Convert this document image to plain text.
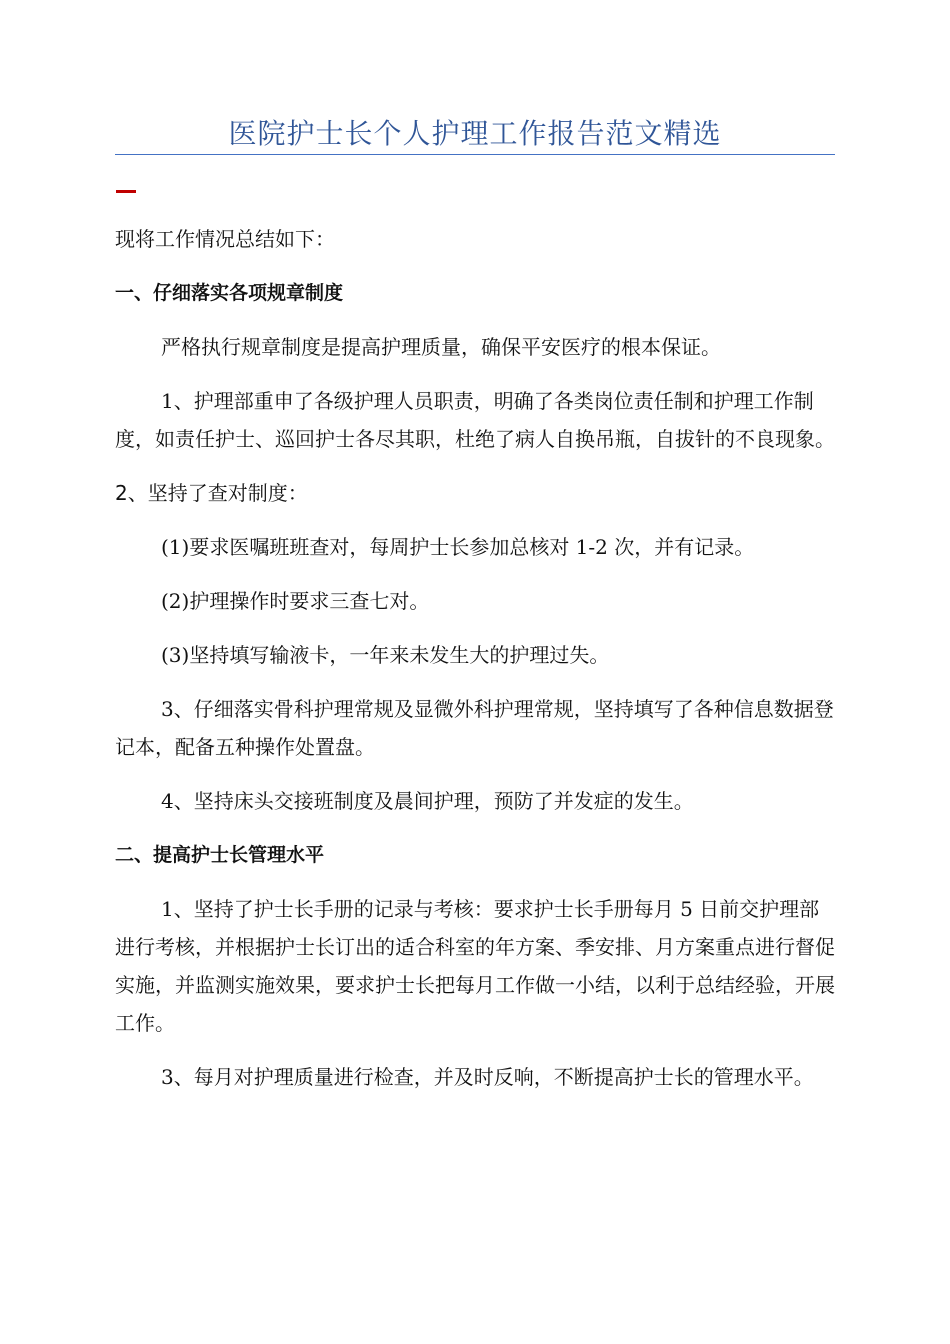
医院护士长个人护理工作报告范文精选

现将工作情况总结如下：

一、仔细落实各项规章制度

严格执行规章制度是提高护理质量，确保平安医疗的根本保证。

1、护理部重申了各级护理人员职责，明确了各类岗位责任制和护理工作制度，如责任护士、巡回护士各尽其职，杜绝了病人自换吊瓶，自拔针的不良现象。

2、坚持了查对制度：

(1)要求医嘱班班查对，每周护士长参加总核对 1-2 次，并有记录。

(2)护理操作时要求三查七对。

(3)坚持填写输液卡，一年来未发生大的护理过失。

3、仔细落实骨科护理常规及显微外科护理常规，坚持填写了各种信息数据登记本，配备五种操作处置盘。

4、坚持床头交接班制度及晨间护理，预防了并发症的发生。

二、提高护士长管理水平

1、坚持了护士长手册的记录与考核：要求护士长手册每月 5 日前交护理部进行考核，并根据护士长订出的适合科室的年方案、季安排、月方案重点进行督促实施，并监测实施效果，要求护士长把每月工作做一小结，以利于总结经验，开展工作。

3、每月对护理质量进行检查，并及时反响，不断提高护士长的管理水平。
